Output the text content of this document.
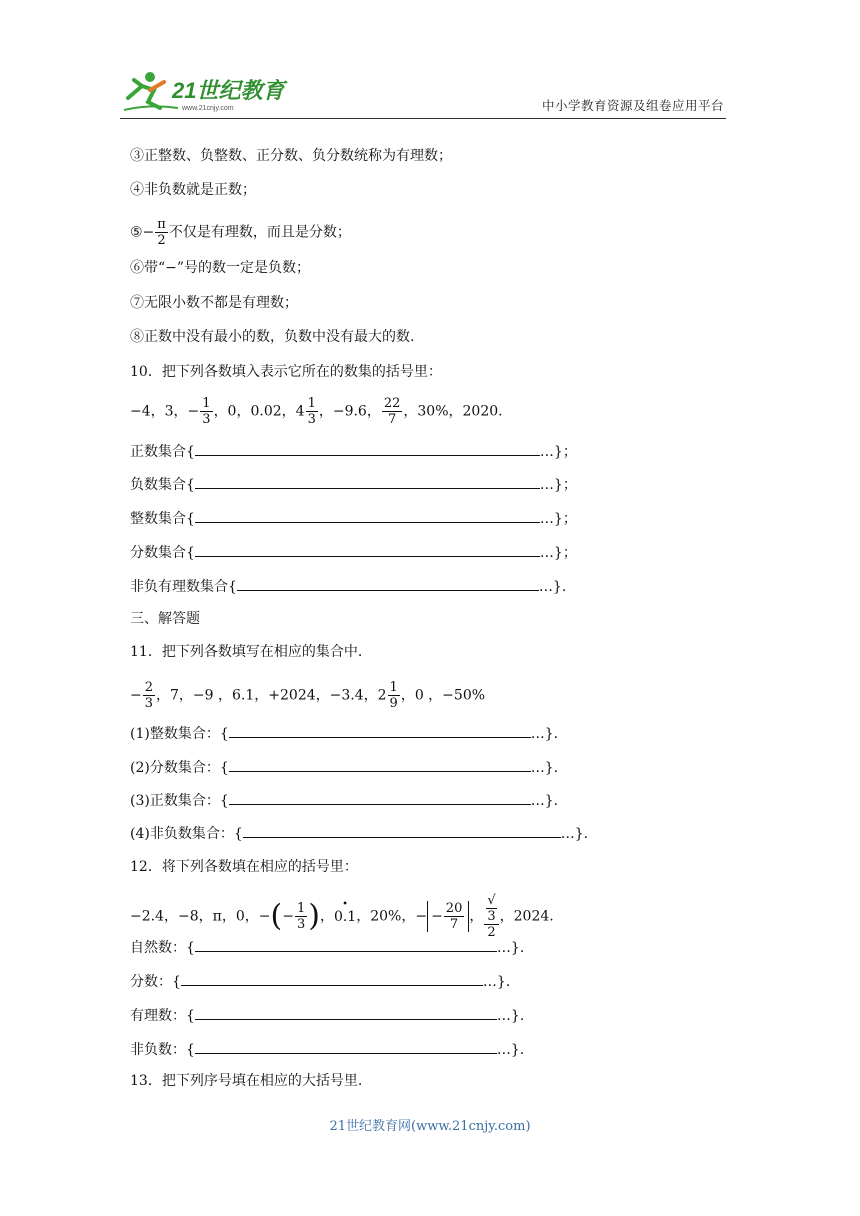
21世纪教育
www.21cnjy.com	中小学教育资源及组卷应用平台
③正整数、负整数、正分数、负分数统称为有理数；
④非负数就是正数；
⑤− $\frac{\pi}{2}$ 不仅是有理数，而且是分数；
⑥带“−”号的数一定是负数；
⑦无限小数不都是有理数；
⑧正数中没有最小的数，负数中没有最大的数.
10．把下列各数填入表示它所在的数集的括号里：
−4，3，− $\frac{1}{3}$ ，0，0.02，$4 \frac{1}{3}$ ，−9.6， $\frac{22}{7}$ ，30%，2020.
正数集合{	…}；
负数集合{	…}；
整数集合{	…}；
分数集合{	…}；
非负有理数集合{	…}.
三、解答题
11．把下列各数填写在相应的集合中.
− $\frac{2}{3}$ ，7，−9 ，6.1，+2024，−3.4，$2 \frac{1}{9}$ ，0 ，−50%
(1)整数集合：{	…}.
(2)分数集合：{	…}.
(3)正数集合：{	…}.
(4)非负数集合：{	…}.
12．将下列各数填在相应的括号里：
−2.4，−8，π，0，−(− $\frac{1}{3}$ )，0.1 •，20%，− − $\frac{20}{7}$ ， √
3
2 ，2024.
自然数：{	…}.
分数：{	…}.
有理数：{	…}.
非负数：{	…}.
13．把下列序号填在相应的大括号里.
21世纪教育网(www.21cnjy.com)
